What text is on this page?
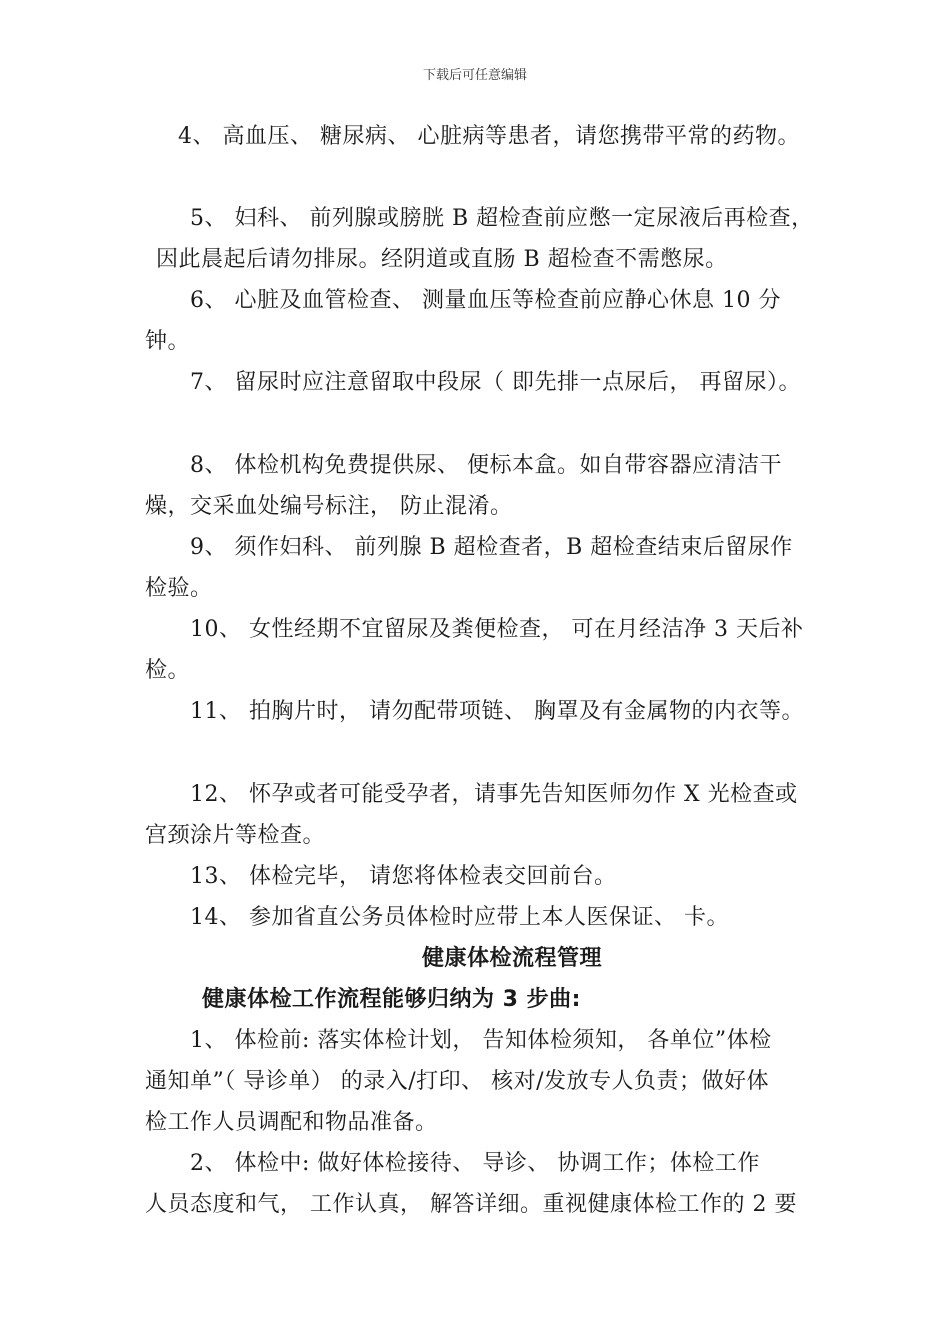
下载后可任意编辑
4、 高血压、 糖尿病、 心脏病等患者，请您携带平常的药物。
5、 妇科、 前列腺或膀胱 B 超检查前应憋一定尿液后再检查，
因此晨起后请勿排尿。经阴道或直肠 B 超检查不需憋尿。
6、 心脏及血管检查、 测量血压等检查前应静心休息 10 分
钟。
7、 留尿时应注意留取中段尿（ 即先排一点尿后， 再留尿）。
8、 体检机构免费提供尿、 便标本盒。如自带容器应清洁干
燥，交采血处编号标注， 防止混淆。
9、 须作妇科、 前列腺 B 超检查者，B 超检查结束后留尿作
检验。
10、 女性经期不宜留尿及粪便检查， 可在月经洁净 3 天后补
检。
11、 拍胸片时， 请勿配带项链、 胸罩及有金属物的内衣等。
12、 怀孕或者可能受孕者，请事先告知医师勿作 X 光检查或
宫颈涂片等检查。
13、 体检完毕， 请您将体检表交回前台。
14、 参加省直公务员体检时应带上本人医保证、 卡。
健康体检流程管理
健康体检工作流程能够归纳为 3 步曲:
1、 体检前: 落实体检计划， 告知体检须知， 各单位”体检
通知单”（ 导诊单） 的录入/打印、 核对/发放专人负责；做好体
检工作人员调配和物品准备。
2、 体检中: 做好体检接待、 导诊、 协调工作；体检工作
人员态度和气， 工作认真， 解答详细。重视健康体检工作的 2 要
